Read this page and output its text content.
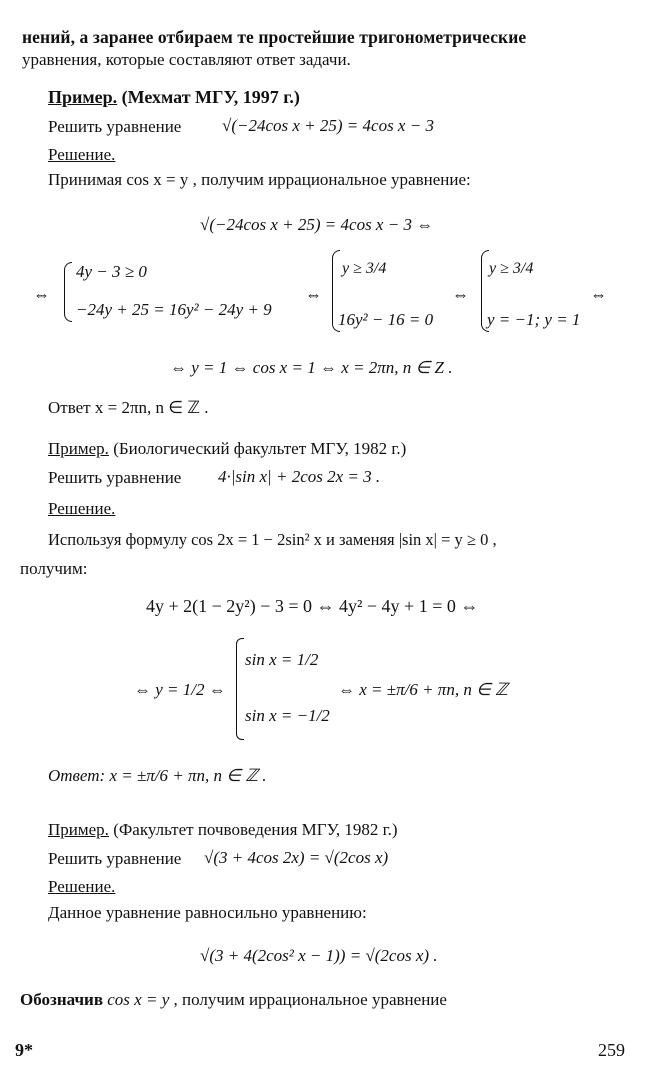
нений, а заранее отбираем те простейшие тригонометрические
уравнения, которые составляют ответ задачи.
Пример. (Мехмат МГУ, 1997 г.)
Решить уравнение √(−24cos x + 25) = 4cos x − 3
Решение.
Принимая cos x = y , получим иррациональное уравнение:
√(−24cos x + 25) = 4cos x − 3 ⇔
⇔
4y − 3 ≥ 0
−24y + 25 = 16y² − 24y + 9
⇔
y ≥ 3/4
16y² − 16 = 0
⇔
y ≥ 3/4
y = −1; y = 1
⇔
⇔ y = 1 ⇔ cos x = 1 ⇔ x = 2πn, n ∈ Z .
Ответ x = 2πn, n ∈ ℤ .
Пример. (Биологический факультет МГУ, 1982 г.)
Решить уравнение 4·|sin x| + 2cos 2x = 3 .
Решение.
Используя формулу cos 2x = 1 − 2sin² x и заменяя |sin x| = y ≥ 0 ,
получим:
4y + 2(1 − 2y²) − 3 = 0 ⇔ 4y² − 4y + 1 = 0 ⇔
⇔ y = 1/2 ⇔
sin x = 1/2
sin x = −1/2
⇔ x = ±π/6 + πn, n ∈ ℤ
Ответ: x = ±π/6 + πn, n ∈ ℤ .
Пример. (Факультет почвоведения МГУ, 1982 г.)
Решить уравнение √(3 + 4cos 2x) = √(2cos x)
Решение.
Данное уравнение равносильно уравнению:
√(3 + 4(2cos² x − 1)) = √(2cos x) .
Обозначив cos x = y , получим иррациональное уравнение
9*	259
